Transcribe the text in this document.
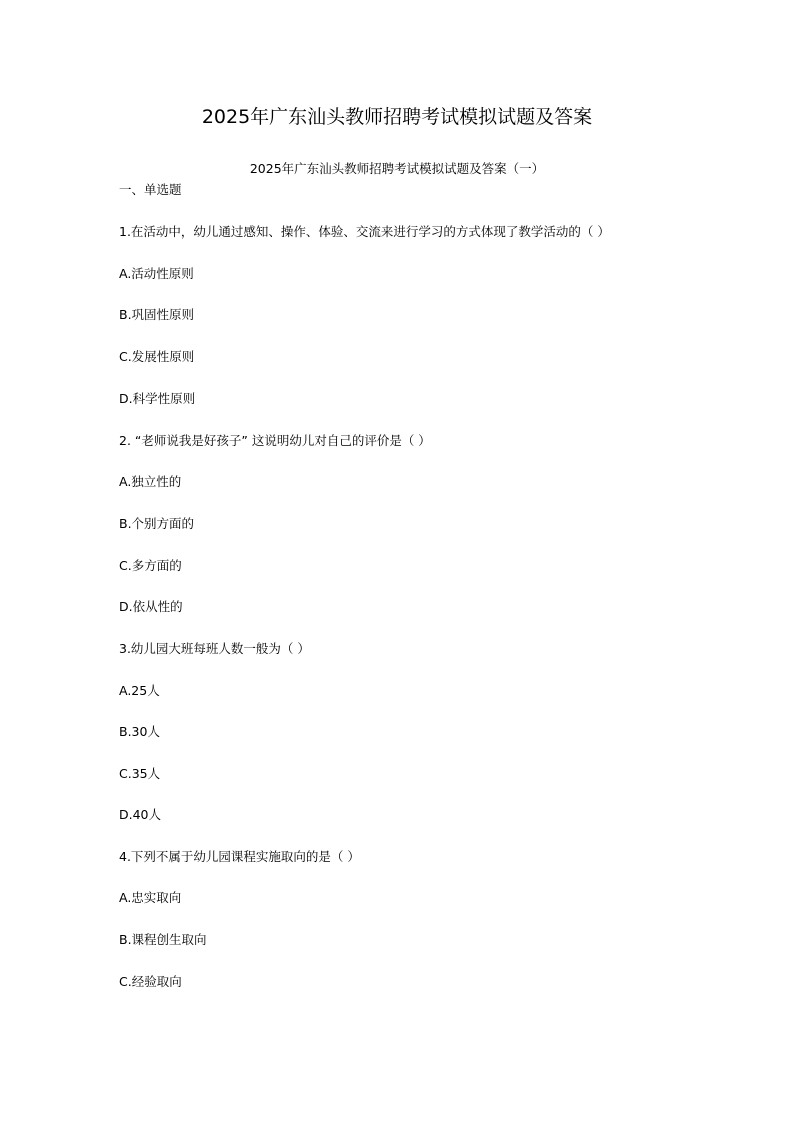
2025年广东汕头教师招聘考试模拟试题及答案
2025年广东汕头教师招聘考试模拟试题及答案（一）
一、单选题
1.在活动中，幼儿通过感知、操作、体验、交流来进行学习的方式体现了教学活动的（ ）
A.活动性原则
B.巩固性原则
C.发展性原则
D.科学性原则
2. “老师说我是好孩子” 这说明幼儿对自己的评价是（ ）
A.独立性的
B.个别方面的
C.多方面的
D.依从性的
3.幼儿园大班每班人数一般为（ ）
A.25人
B.30人
C.35人
D.40人
4.下列不属于幼儿园课程实施取向的是（ ）
A.忠实取向
B.课程创生取向
C.经验取向
